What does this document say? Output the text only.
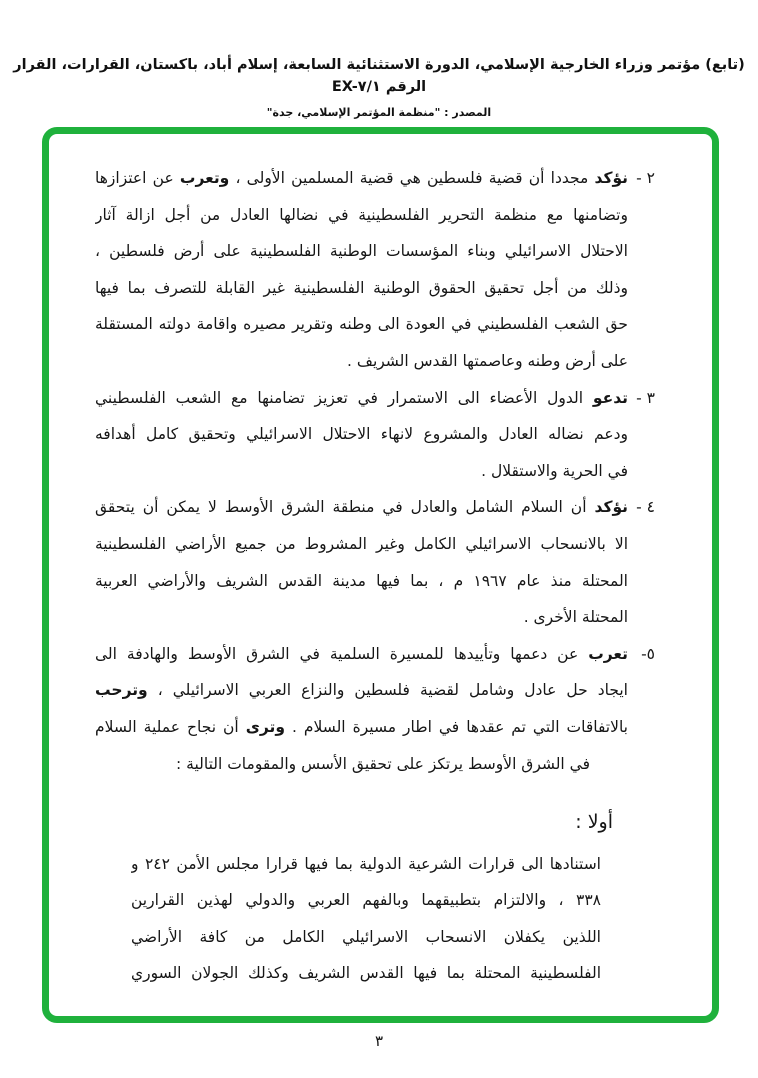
(تابع) مؤتمر وزراء الخارجية الإسلامي، الدورة الاستثنائية السابعة، إسلام أباد، باكستان، القرارات، القرار الرقم EX-٧/١
المصدر : "منظمة المؤتمر الإسلامي، جدة"
٢ -
نؤكد مجددا أن قضية فلسطين هي قضية المسلمين الأولى ، وتعرب عن اعتزازها
وتضامنها مع منظمة التحرير الفلسطينية في نضالها العادل من أجل ازالة آثار
الاحتلال الاسرائيلي وبناء المؤسسات الوطنية الفلسطينية على أرض فلسطين ،
وذلك من أجل تحقيق الحقوق الوطنية الفلسطينية غير القابلة للتصرف بما فيها
حق الشعب الفلسطيني في العودة الى وطنه وتقرير مصيره واقامة دولته المستقلة
على أرض وطنه وعاصمتها القدس الشريف .
٣ -
تدعو الدول الأعضاء الى الاستمرار في تعزيز تضامنها مع الشعب الفلسطيني
ودعم نضاله العادل والمشروع لانهاء الاحتلال الاسرائيلي وتحقيق كامل أهدافه
في الحرية والاستقلال .
٤ -
نؤكد أن السلام الشامل والعادل في منطقة الشرق الأوسط لا يمكن أن يتحقق
الا بالانسحاب الاسرائيلي الكامل وغير المشروط من جميع الأراضي الفلسطينية
المحتلة منذ عام ١٩٦٧ م ، بما فيها مدينة القدس الشريف والأراضي العربية
المحتلة الأخرى .
٥-
تعرب عن دعمها وتأييدها للمسيرة السلمية في الشرق الأوسط والهادفة الى
ايجاد حل عادل وشامل لقضية فلسطين والنزاع العربي الاسرائيلي ، وترحب
بالاتفاقات التي تم عقدها في اطار مسيرة السلام . وترى أن نجاح عملية السلام
في الشرق الأوسط يرتكز على تحقيق الأسس والمقومات التالية :
أولا :
استنادها الى قرارات الشرعية الدولية بما فيها قرارا مجلس الأمن ٢٤٢ و
٣٣٨ ، والالتزام بتطبيقهما وبالفهم العربي والدولي لهذين القرارين
اللذين يكفلان الانسحاب الاسرائيلي الكامل من كافة الأراضي
الفلسطينية المحتلة بما فيها القدس الشريف وكذلك الجولان السوري
٣
